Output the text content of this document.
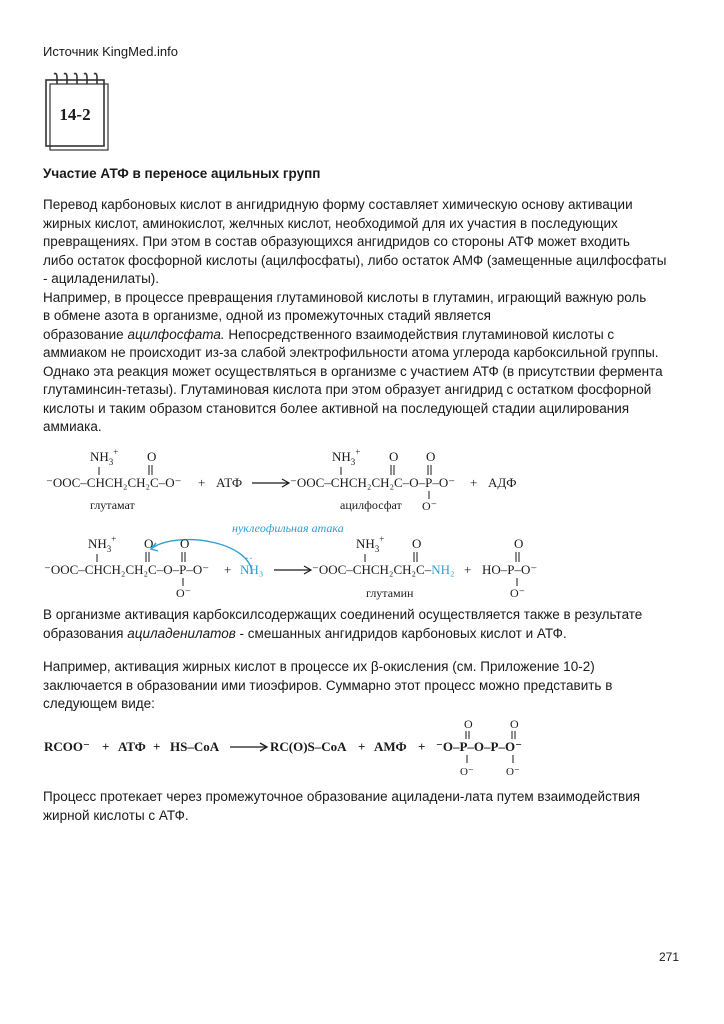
Источник KingMed.info
14-2
Участие АТФ в переносе ацильных групп
Перевод карбоновых кислот в ангидридную форму составляет химическую основу активации
жирных кислот, аминокислот, желчных кислот, необходимой для их участия в последующих
превращениях. При этом в состав образующихся ангидридов со стороны АТФ может входить
либо остаток фосфорной кислоты (ацилфосфаты), либо остаток АМФ (замещенные ацилфосфаты
- ациладенилаты).
Например, в процессе превращения глутаминовой кислоты в глутамин, играющий важную роль
в обмене азота в организме, одной из промежуточных стадий является
образование ацилфосфата. Непосредственного взаимодействия глутаминовой кислоты с
аммиаком не происходит из-за слабой электрофильности атома углерода карбоксильной группы.
Однако эта реакция может осуществляться в организме с участием АТФ (в присутствии фермента
глутаминсин-тетазы). Глутаминовая кислота при этом образует ангидрид с остатком фосфорной
кислоты и таким образом становится более активной на последующей стадии ацилирования
аммиака.
$NH_3^+$ O
⁻OOC–CHCH₂CH₂C–O⁻ + АТФ
$NH_3^+$ O O
⁻OOC–CHCH₂CH₂C–O–P–O⁻
O⁻
+ АДФ
глутамат	ацилфосфат
нуклеофильная атака
$NH_3^+$ O O
⁻OOC–CHCH₂CH₂C–O–P–O⁻
O⁻
+
··
NH₃
$NH_3^+$ O
⁻OOC–CHCH₂CH₂C–NH₂ +
O
HO–P–O⁻
O⁻
глутамин
В организме активация карбоксилсодержащих соединений осуществляется также в результате
образования ациладенилатов - смешанных ангидридов карбоновых кислот и АТФ.
Например, активация жирных кислот в процессе их β-окисления (см. Приложение 10-2)
заключается в образовании ими тиоэфиров. Суммарно этот процесс можно представить в
следующем виде:
RCOO⁻ + АТФ + HS–CoA	RC(O)S–CoA + АМФ +
O	O
⁻O–P–O–P–O⁻
O⁻	O⁻
Процесс протекает через промежуточное образование ациладени-лата путем взаимодействия
жирной кислоты с АТФ.
271
